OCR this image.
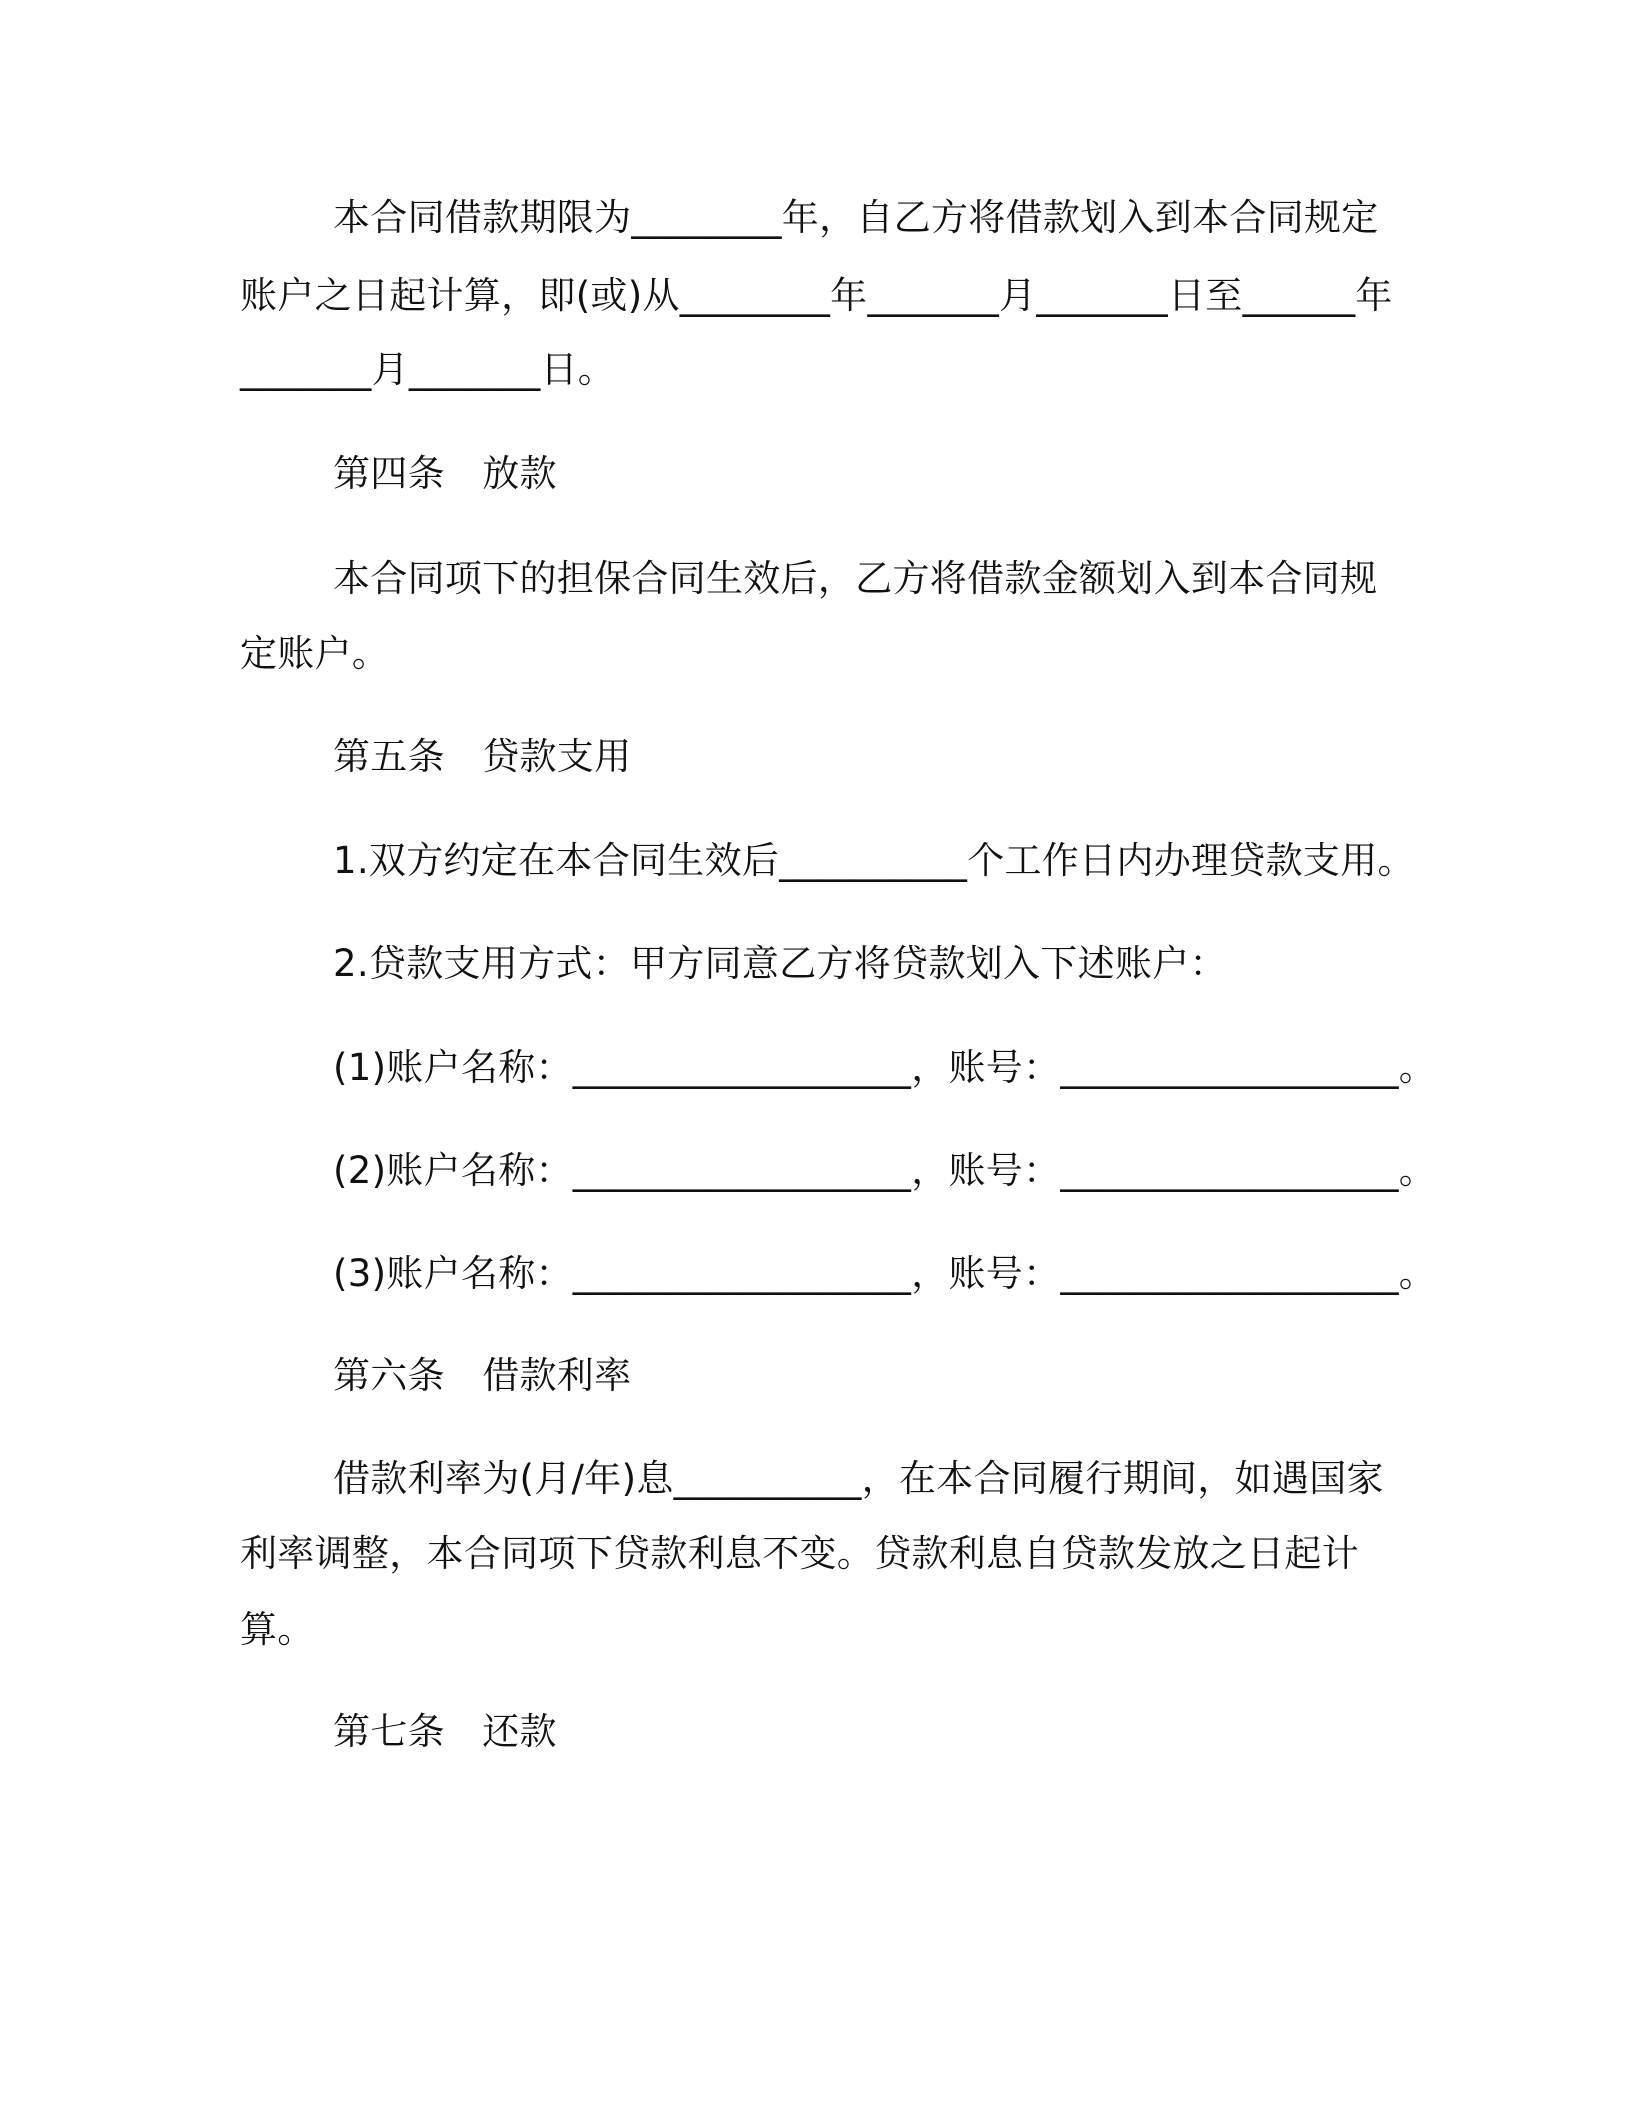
本合同借款期限为________年，自乙方将借款划入到本合同规定
账户之日起计算，即(或)从________年_______月_______日至______年
_______月_______日。
第四条　放款
本合同项下的担保合同生效后，乙方将借款金额划入到本合同规
定账户。
第五条　贷款支用
1.双方约定在本合同生效后__________个工作日内办理贷款支用。
2.贷款支用方式：甲方同意乙方将贷款划入下述账户：
(1)账户名称：__________________，账号：__________________。
(2)账户名称：__________________，账号：__________________。
(3)账户名称：__________________，账号：__________________。
第六条　借款利率
借款利率为(月/年)息__________，在本合同履行期间，如遇国家
利率调整，本合同项下贷款利息不变。贷款利息自贷款发放之日起计
算。
第七条　还款
